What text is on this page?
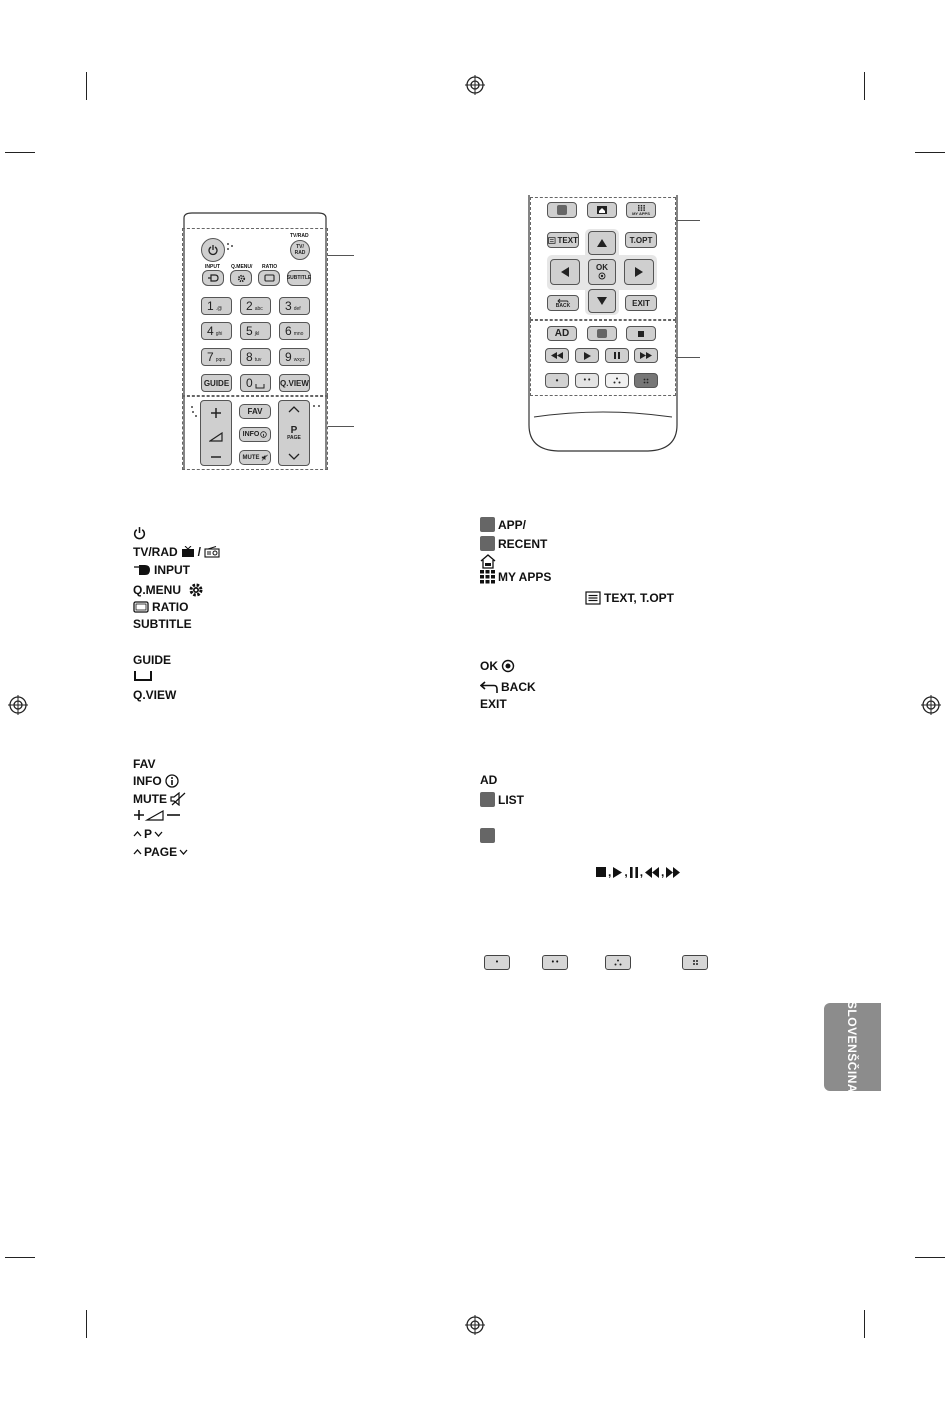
TV/RAD
TV/
RAD
INPUT Q.MENU/ RATIO
SUBTITLE
1 .@ 2 abc 3 def
4 ghi 5 jkl 6 mno
7 pqrs 8 tuv 9 wxyz
GUIDE 0	Q.VIEW
FAV
INFO
MUTE
P
PAGE
MY APPS
TEXT	T.OPT
OK
BACK	EXIT
AD
•	• •
TV/RAD /
INPUT
Q.MENU
RATIO
SUBTITLE
GUIDE
Q.VIEW
FAV
INFO
MUTE
P
PAGE
APP/
RECENT
MY APPS
TEXT, T.OPT
OK
BACK
EXIT
AD
LIST
, , , ,
•	• •
SLOVENŠČINA
